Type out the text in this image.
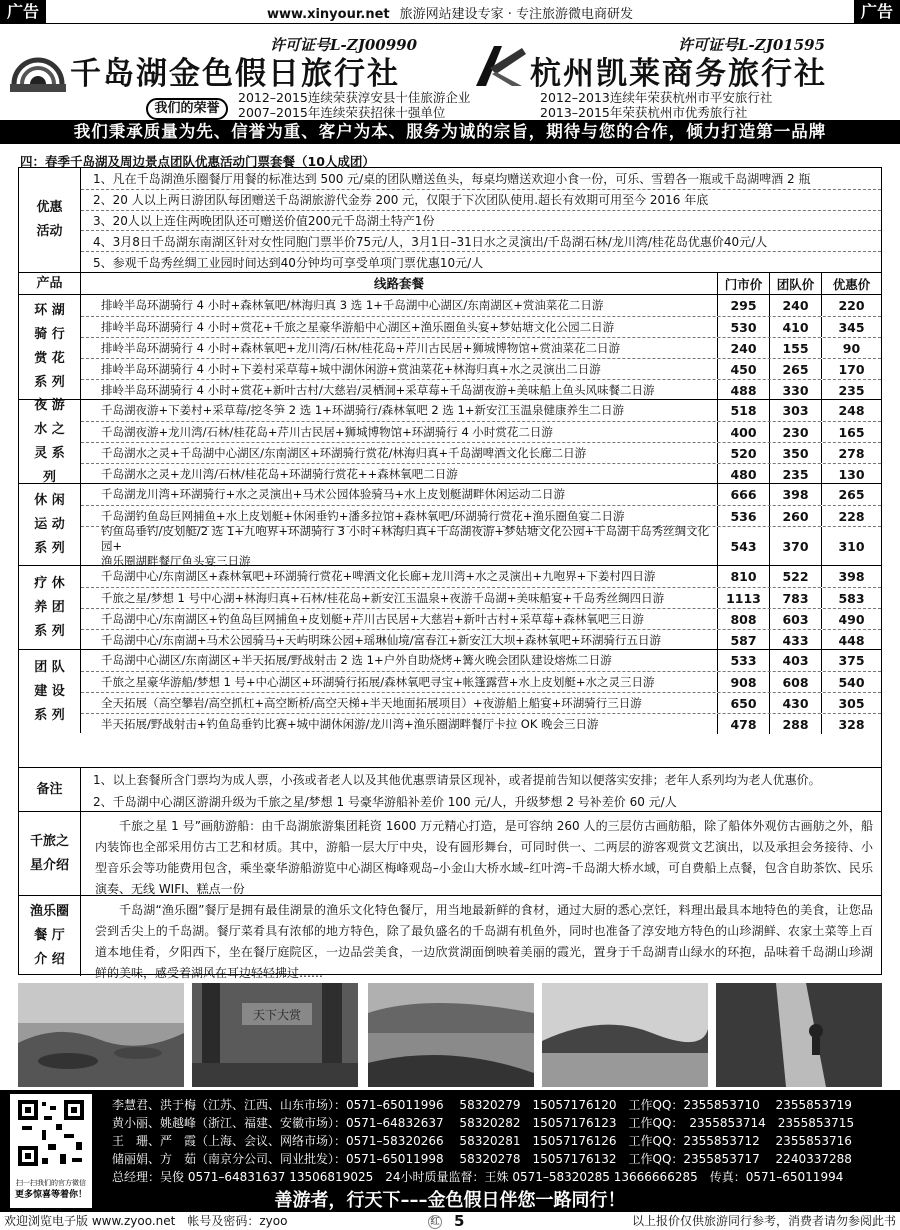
广告	www.xinyour.net 旅游网站建设专家 · 专注旅游微电商研发	广告
许可证号L-ZJ00990
千岛湖金色假日旅行社
许可证号L-ZJ01595
杭州凯莱商务旅行社
我们的荣誉
2012–2015连续荣获淳安县十佳旅游企业
2007–2015年连续荣获招徕十强单位
2012–2013连续年荣获杭州市平安旅行社
2013–2015年荣获杭州市优秀旅行社
我们秉承质量为先、信誉为重、客户为本、服务为诚的宗旨，期待与您的合作，倾力打造第一品牌
四：春季千岛湖及周边景点团队优惠活动门票套餐（10人成团）
优惠
活动
1、凡在千岛湖渔乐圈餐厅用餐的标准达到 500 元/桌的团队赠送鱼头，每桌均赠送欢迎小食一份，可乐、雪碧各一瓶或千岛湖啤酒 2 瓶
2、20 人以上两日游团队每团赠送千岛湖旅游代金券 200 元，仅限于下次团队使用.超长有效期可用至今 2016 年底
3、20人以上连住两晚团队还可赠送价值200元千岛湖土特产1份
4、3月8日千岛湖东南湖区针对女性同胞门票半价75元/人，3月1日–31日水之灵演出/千岛湖石林/龙川湾/桂花岛优惠价40元/人
5、参观千岛秀丝绸工业园时间达到40分钟均可享受单项门票优惠10元/人
产品	线路套餐	门市价	团队价	优惠价
环 湖
骑 行
赏 花
系 列
排岭半岛环湖骑行 4 小时+森林氧吧/林海归真 3 选 1+千岛湖中心湖区/东南湖区+赏油菜花二日游	295	240	220
排岭半岛环湖骑行 4 小时+赏花+千旅之星豪华游船中心湖区+渔乐圈鱼头宴+梦姑塘文化公园二日游	530	410	345
排岭半岛环湖骑行 4 小时+森林氧吧+龙川湾/石林/桂花岛+芹川古民居+狮城博物馆+赏油菜花二日游	240	155	90
排岭半岛环湖骑行 4 小时+下姜村采草莓+城中湖休闲游+赏油菜花+林海归真+水之灵演出二日游	450	265	170
排岭半岛环湖骑行 4 小时+赏花+新叶古村/大慈岩/灵栖洞+采草莓+千岛湖夜游+美味船上鱼头风味餐二日游	488	330	235
夜 游
水 之
灵 系
列
千岛湖夜游+下姜村+采草莓/挖冬笋 2 选 1+环湖骑行/森林氧吧 2 选 1+新安江玉温泉健康养生二日游	518	303	248
千岛湖夜游+龙川湾/石林/桂花岛+芹川古民居+狮城博物馆+环湖骑行 4 小时赏花二日游	400	230	165
千岛湖水之灵+千岛湖中心湖区/东南湖区+环湖骑行赏花/林海归真+千岛湖啤酒文化长廊二日游	520	350	278
千岛湖水之灵+龙川湾/石林/桂花岛+环湖骑行赏花++森林氧吧二日游	480	235	130
休 闲
运 动
系 列
千岛湖龙川湾+环湖骑行+水之灵演出+马术公园体验骑马+水上皮划艇湖畔休闲运动二日游	666	398	265
千岛湖钓鱼岛巨网捕鱼+水上皮划艇+休闲垂钓+潘多拉馆+森林氧吧/环湖骑行赏花+渔乐圈鱼宴二日游	536	260	228
钓鱼岛垂钓/皮划艇/2 选 1+九咆界+环湖骑行 3 小时+林海归真+千岛湖夜游+梦姑塘文化公园+千岛湖千岛秀丝绸文化园+
渔乐圈湖畔餐厅鱼头宴三日游
543	370	310
疗 休
养 团
系 列
千岛湖中心/东南湖区+森林氧吧+环湖骑行赏花+啤酒文化长廊+龙川湾+水之灵演出+九咆界+下姜村四日游	810	522	398
千旅之星/梦想 1 号中心湖+林海归真+石林/桂花岛+新安江玉温泉+夜游千岛湖+美味船宴+千岛秀丝绸四日游	1113	783	583
千岛湖中心/东南湖区+钓鱼岛巨网捕鱼+皮划艇+芹川古民居+大慈岩+新叶古村+采草莓+森林氧吧三日游	808	603	490
千岛湖中心/东南湖+马术公园骑马+天屿明珠公园+瑶琳仙境/富春江+新安江大坝+森林氧吧+环湖骑行五日游	587	433	448
团 队
建 设
系 列
千岛湖中心湖区/东南湖区+半天拓展/野战射击 2 选 1+户外自助烧烤+篝火晚会团队建设熔炼二日游	533	403	375
千旅之星豪华游船/梦想 1 号+中心湖区+环湖骑行拓展/森林氧吧寻宝+帐篷露营+水上皮划艇+水之灵三日游	908	608	540
全天拓展（高空攀岩/高空抓杠+高空断桥/高空天梯+半天地面拓展项目）+夜游船上船宴+环湖骑行三日游	650	430	305
半天拓展/野战射击+钓鱼岛垂钓比赛+城中湖休闲游/龙川湾+渔乐圈湖畔餐厅卡拉 OK 晚会三日游	478	288	328
备注
1、以上套餐所含门票均为成人票，小孩或者老人以及其他优惠票请景区现补，或者提前告知以便落实安排；老年人系列均为老人优惠价。
2、千岛湖中心湖区游湖升级为千旅之星/梦想 1 号豪华游船补差价 100 元/人，升级梦想 2 号补差价 60 元/人
千旅之
星介绍
千旅之星 1 号”画舫游船：由千岛湖旅游集团耗资 1600 万元精心打造，是可容纳 260 人的三层仿古画舫船，除了船体外观仿古画舫之外，船内装饰也全部采用仿古工艺和材质。其中，游船一层大厅中央，设有圆形舞台，可同时供一、二两层的游客观赏文艺演出，以及承担会务接待、小型音乐会等功能费用包含，乘坐豪华游船游览中心湖区梅峰观岛–小金山大桥水域–红叶湾–千岛湖大桥水域，可自费船上点餐，包含自助茶饮、民乐演奏、无线 WIFI、糕点一份
渔乐圈
餐 厅
介 绍
千岛湖“渔乐圈”餐厅是拥有最佳湖景的渔乐文化特色餐厅，用当地最新鲜的食材，通过大厨的悉心烹饪，料理出最具本地特色的美食，让您品尝到舌尖上的千岛湖。餐厅菜肴具有浓郁的地方特色，除了最负盛名的千岛湖有机鱼外，同时也准备了淳安地方特色的山珍湖鲜、农家土菜等上百道本地佳肴，夕阳西下，坐在餐厅庭院区，一边品尝美食，一边欣赏湖面倒映着美丽的霞光，置身于千岛湖青山绿水的环抱，品味着千岛湖山珍湖鲜的美味，感受着湖风在耳边轻轻拂过……
天下大赏
扫一扫我们的官方微信
更多惊喜等着你！
李慧君、洪于梅（江苏、江西、山东市场）：0571–65011996　 58320279　15057176120　工作QQ：2355853710　 2355853719
黄小丽、姚越峰（浙江、福建、安徽市场）：0571–64832637　 58320282　15057176123　工作QQ：　2355853714　2355853715
王　珊、严　霞（上海、会议、网络市场）：0571–58320266　 58320281　15057176126　工作QQ：2355853712　 2355853716
储丽娟、方　茹（南京分公司、同业批发）：0571–65011998　 58320278　15057176132　工作QQ：2355853717　 2240337288
总经理：吴俊 0571–64831637 13506819025　24小时质量监督：王姝 0571–58320285 13666666285　传真：0571–65011994
善游者，行天下–––金色假日伴您一路同行！
欢迎浏览电子版 www.zyoo.net　帐号及密码：zyoo	红 5	以上报价仅供旅游同行参考，消费者请勿参阅此书
